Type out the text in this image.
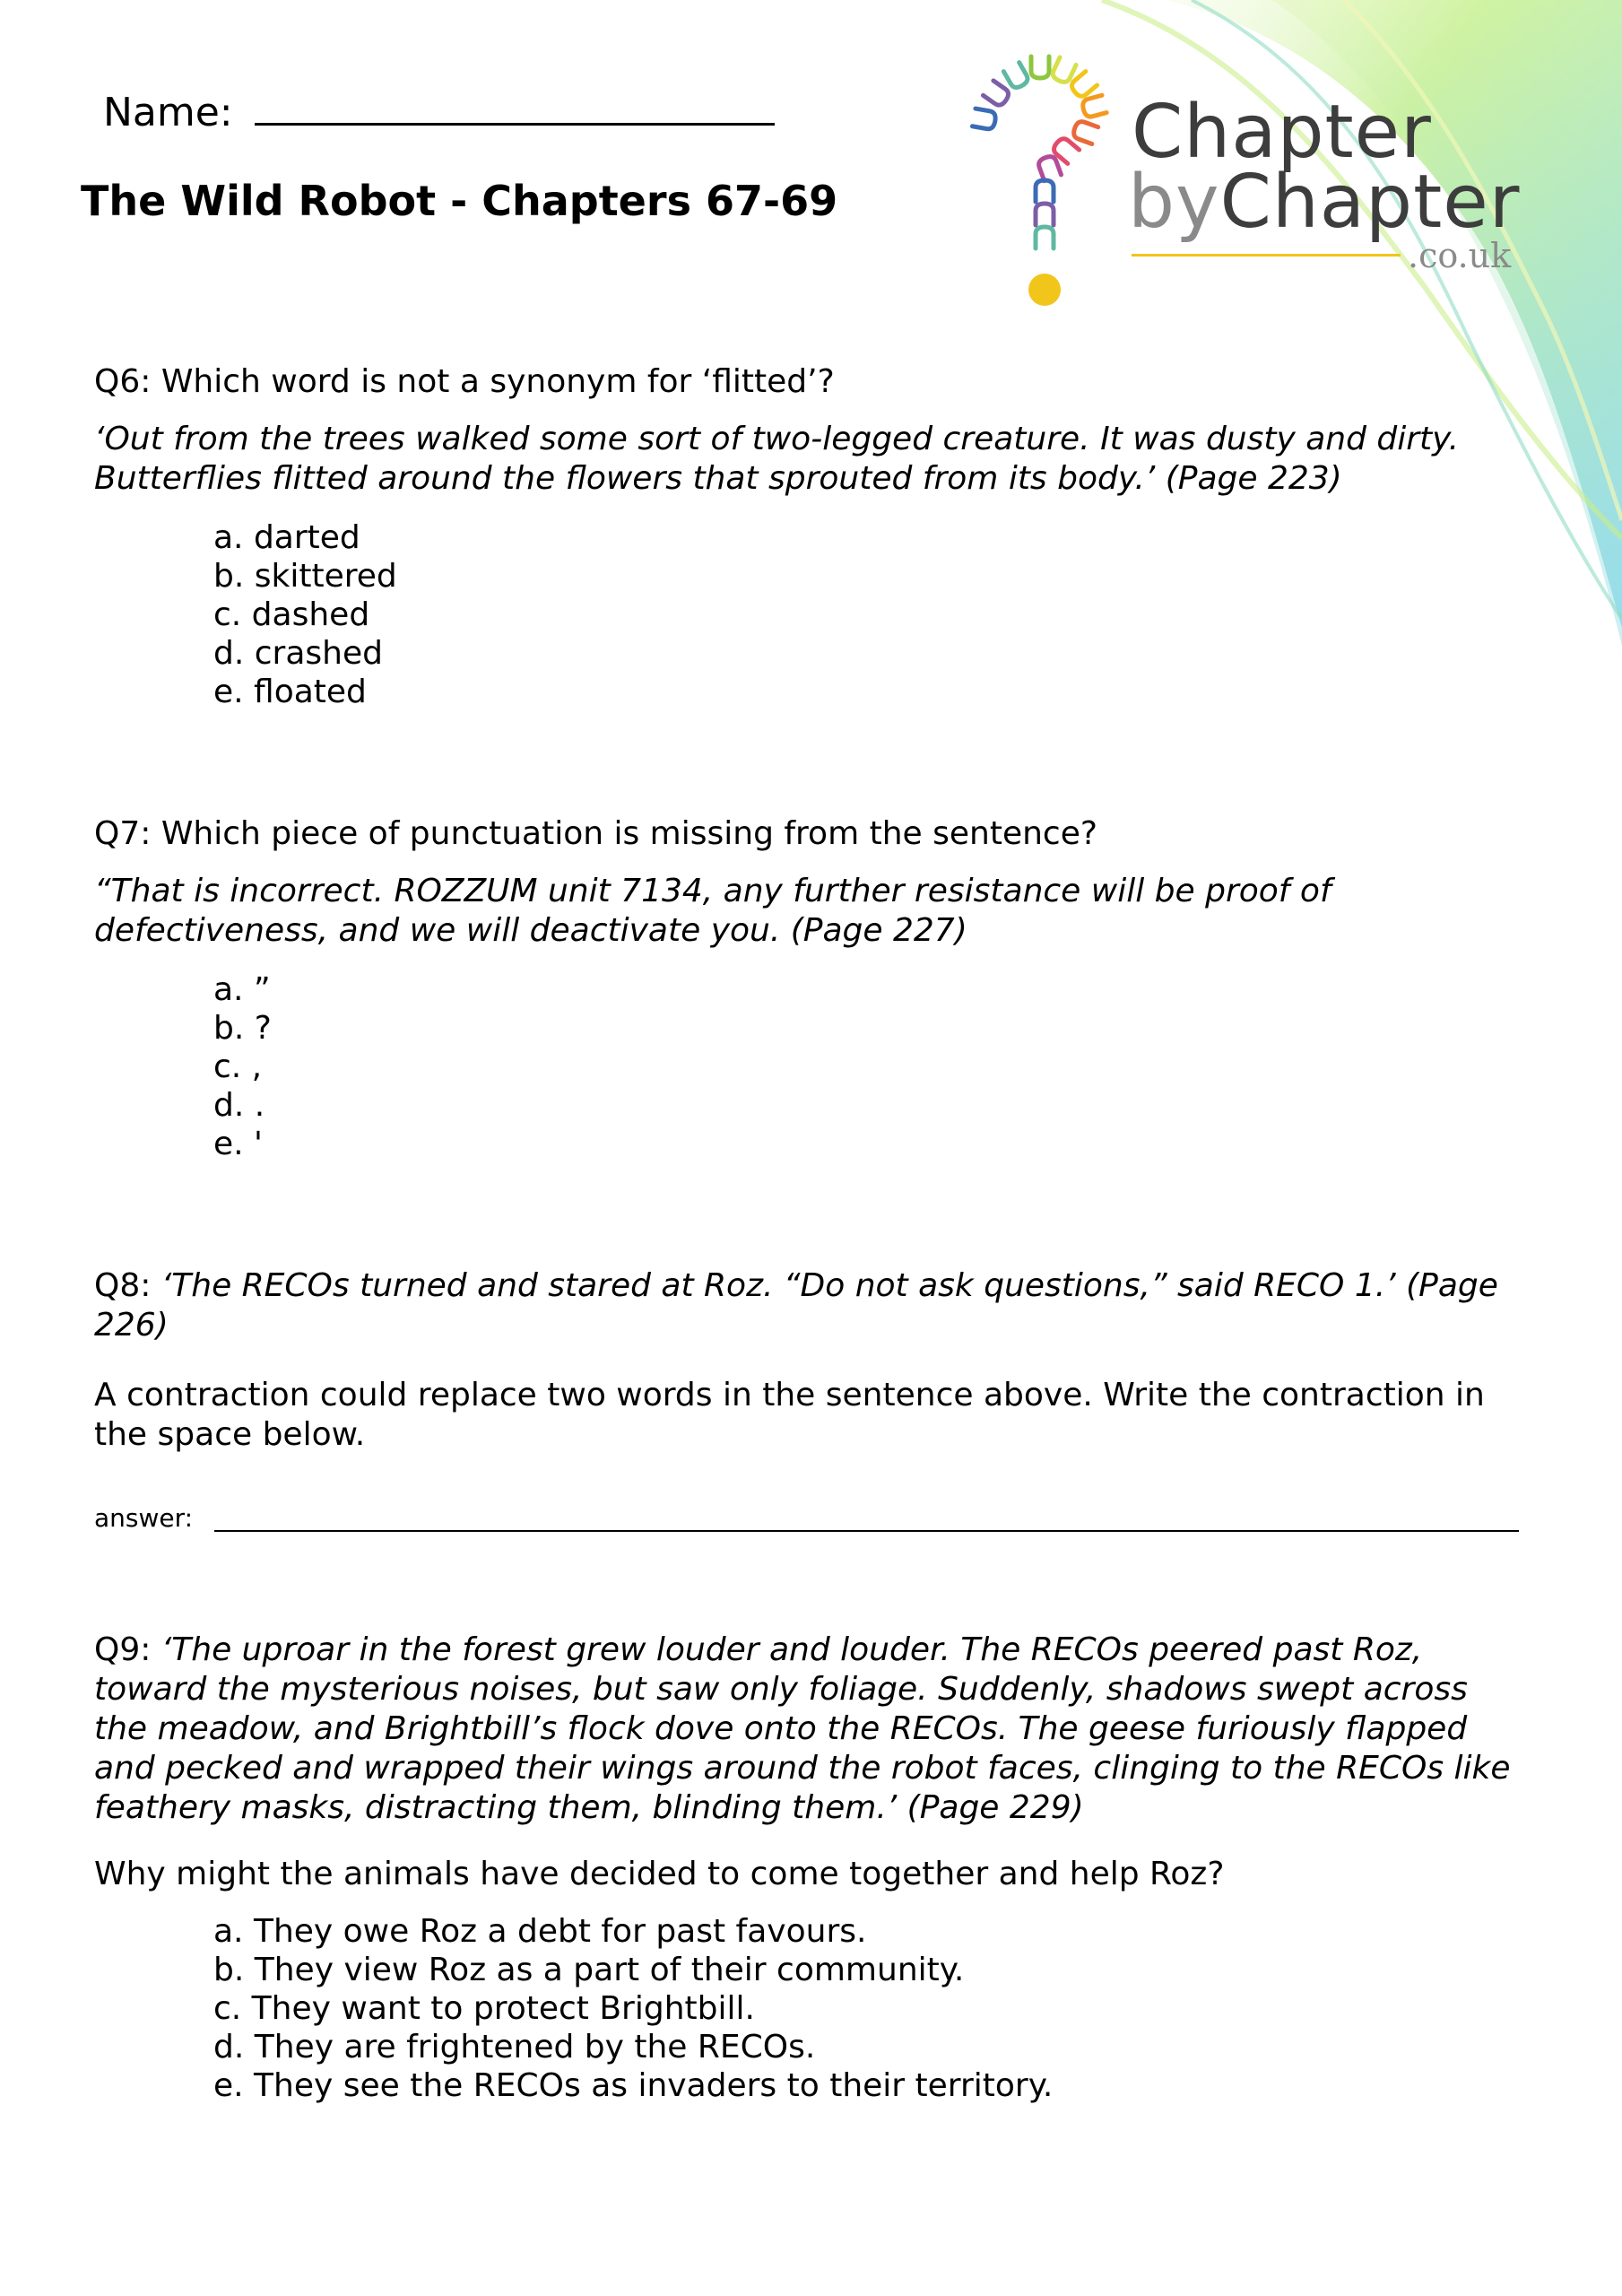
Name:
The Wild Robot - Chapters 67-69
Chapter
byChapter
.co.uk

Q6: Which word is not a synonym for ‘flitted’?

‘Out from the trees walked some sort of two-legged creature. It was dusty and dirty. Butterflies flitted around the flowers that sprouted from its body.’ (Page 223)

a. darted
b. skittered
c. dashed
d. crashed
e. floated

Q7: Which piece of punctuation is missing from the sentence?

“That is incorrect. ROZZUM unit 7134, any further resistance will be proof of defectiveness, and we will deactivate you. (Page 227)

a. ”
b. ?
c. ,
d. .
e. '

Q8: ‘The RECOs turned and stared at Roz. “Do not ask questions,” said RECO 1.’ (Page 226)

A contraction could replace two words in the sentence above. Write the contraction in the space below.

answer:

Q9: ‘The uproar in the forest grew louder and louder. The RECOs peered past Roz, toward the mysterious noises, but saw only foliage. Suddenly, shadows swept across the meadow, and Brightbill’s flock dove onto the RECOs. The geese furiously flapped and pecked and wrapped their wings around the robot faces, clinging to the RECOs like feathery masks, distracting them, blinding them.’ (Page 229)

Why might the animals have decided to come together and help Roz?

a. They owe Roz a debt for past favours.
b. They view Roz as a part of their community.
c. They want to protect Brightbill.
d. They are frightened by the RECOs.
e. They see the RECOs as invaders to their territory.
